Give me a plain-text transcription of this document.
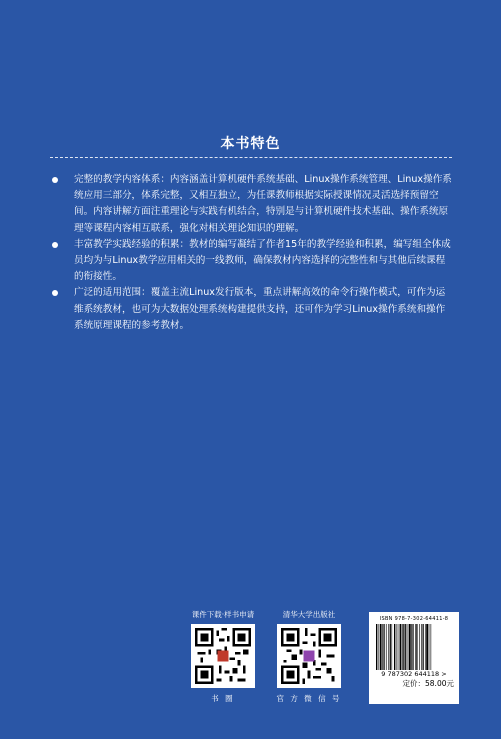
本书特色
完整的教学内容体系：内容涵盖计算机硬件系统基础、Linux操作系统管理、Linux操作系统应用三部分，体系完整，又相互独立，为任课教师根据实际授课情况灵活选择预留空间。内容讲解方面注重理论与实践有机结合，特别是与计算机硬件技术基础、操作系统原理等课程内容相互联系，强化对相关理论知识的理解。
丰富教学实践经验的积累：教材的编写凝结了作者15年的教学经验和积累，编写组全体成员均为与Linux教学应用相关的一线教师，确保教材内容选择的完整性和与其他后续课程的衔接性。
广泛的适用范围：覆盖主流Linux发行版本，重点讲解高效的命令行操作模式，可作为运维系统教材，也可为大数据处理系统构建提供支持，还可作为学习Linux操作系统和操作系统原理课程的参考教材。
课件下载·样书申请
书 圈
清华大学出版社
官 方 微 信 号
ISBN 978-7-302-64411-8
9 787302 644118 >
定价：58.00元
